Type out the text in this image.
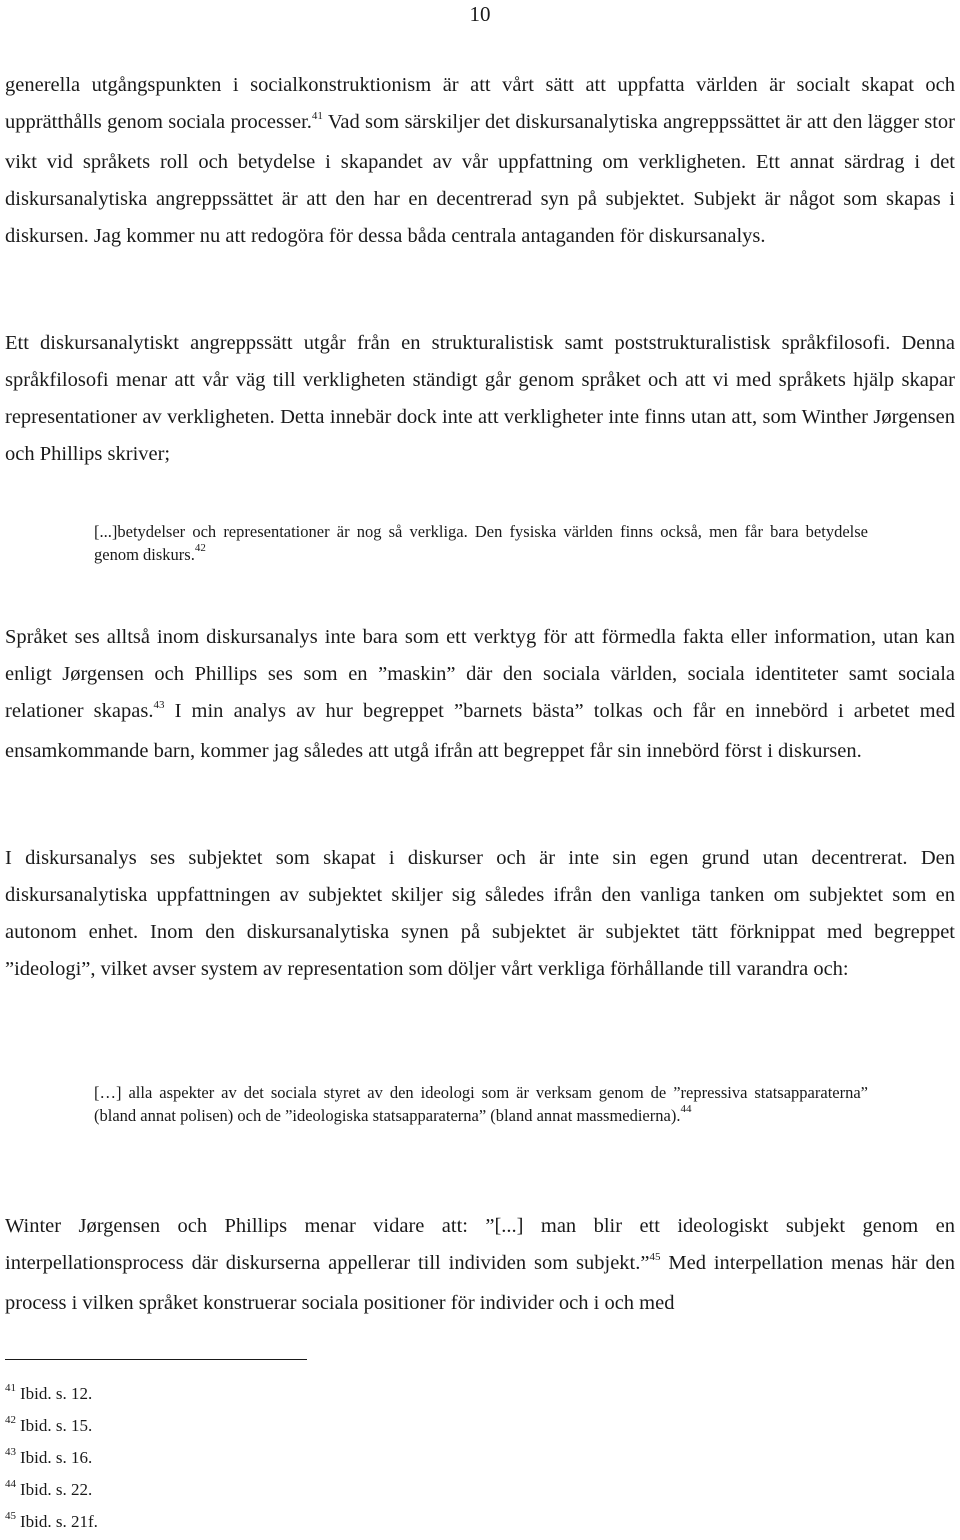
10

generella utgångspunkten i socialkonstruktionism är att vårt sätt att uppfatta världen är socialt skapat och upprätthålls genom sociala processer.$^{41}$ Vad som särskiljer det diskursanalytiska angreppssättet är att den lägger stor vikt vid språkets roll och betydelse i skapandet av vår uppfattning om verkligheten. Ett annat särdrag i det diskursanalytiska angreppssättet är att den har en decentrerad syn på subjektet. Subjekt är något som skapas i diskursen. Jag kommer nu att redogöra för dessa båda centrala antaganden för diskursanalys.

Ett diskursanalytiskt angreppssätt utgår från en strukturalistisk samt poststrukturalistisk språkfilosofi. Denna språkfilosofi menar att vår väg till verkligheten ständigt går genom språket och att vi med språkets hjälp skapar representationer av verkligheten. Detta innebär dock inte att verkligheter inte finns utan att, som Winther Jørgensen och Phillips skriver;

[...]betydelser och representationer är nog så verkliga. Den fysiska världen finns också, men får bara betydelse genom diskurs.$^{42}$

Språket ses alltså inom diskursanalys inte bara som ett verktyg för att förmedla fakta eller information, utan kan enligt Jørgensen och Phillips ses som en ”maskin” där den sociala världen, sociala identiteter samt sociala relationer skapas.$^{43}$ I min analys av hur begreppet ”barnets bästa” tolkas och får en innebörd i arbetet med ensamkommande barn, kommer jag således att utgå ifrån att begreppet får sin innebörd först i diskursen.

I diskursanalys ses subjektet som skapat i diskurser och är inte sin egen grund utan decentrerat. Den diskursanalytiska uppfattningen av subjektet skiljer sig således ifrån den vanliga tanken om subjektet som en autonom enhet. Inom den diskursanalytiska synen på subjektet är subjektet tätt förknippat med begreppet ”ideologi”, vilket avser system av representation som döljer vårt verkliga förhållande till varandra och:

[…] alla aspekter av det sociala styret av den ideologi som är verksam genom de ”repressiva statsapparaterna” (bland annat polisen) och de ”ideologiska statsapparaterna” (bland annat massmedierna).$^{44}$

Winter Jørgensen och Phillips menar vidare att: ”[...] man blir ett ideologiskt subjekt genom en interpellationsprocess där diskurserna appellerar till individen som subjekt.”$^{45}$ Med interpellation menas här den process i vilken språket konstruerar sociala positioner för individer och i och med

$^{41}$ Ibid. s. 12.
$^{42}$ Ibid. s. 15.
$^{43}$ Ibid. s. 16.
$^{44}$ Ibid. s. 22.
$^{45}$ Ibid. s. 21f.
